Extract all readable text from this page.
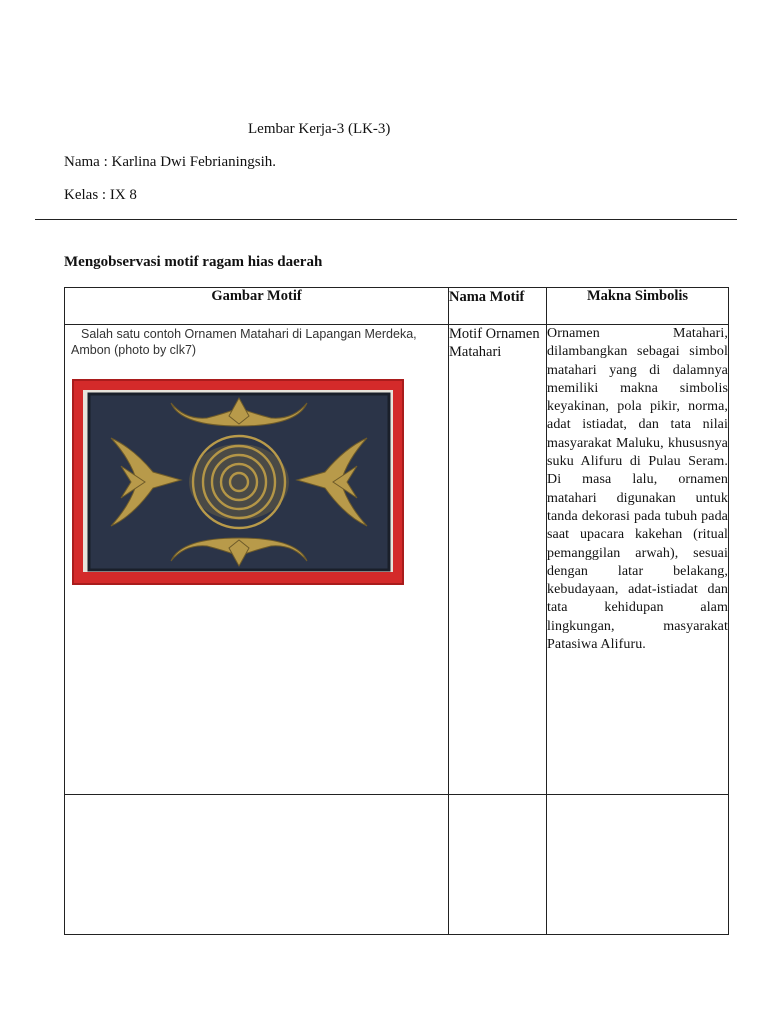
Lembar Kerja-3 (LK-3)
Nama : Karlina Dwi Febrianingsih.
Kelas : IX 8
Mengobservasi motif ragam hias daerah
Gambar Motif	Nama Motif	Makna Simbolis

Salah satu contoh Ornamen Matahari di Lapangan Merdeka, Ambon (photo by clk7)	Motif Ornamen Matahari	Ornamen Matahari, dilambangkan sebagai simbol matahari yang di dalamnya memiliki makna simbolis keyakinan, pola pikir, norma, adat istiadat, dan tata nilai masyarakat Maluku, khususnya suku Alifuru di Pulau Seram. Di masa lalu, ornamen matahari digunakan untuk tanda dekorasi pada tubuh pada saat upacara kakehan (ritual pemanggilan arwah), sesuai dengan latar belakang, kebudayaan, adat-istiadat dan tata kehidupan alam lingkungan, masyarakat Patasiwa Alifuru.
